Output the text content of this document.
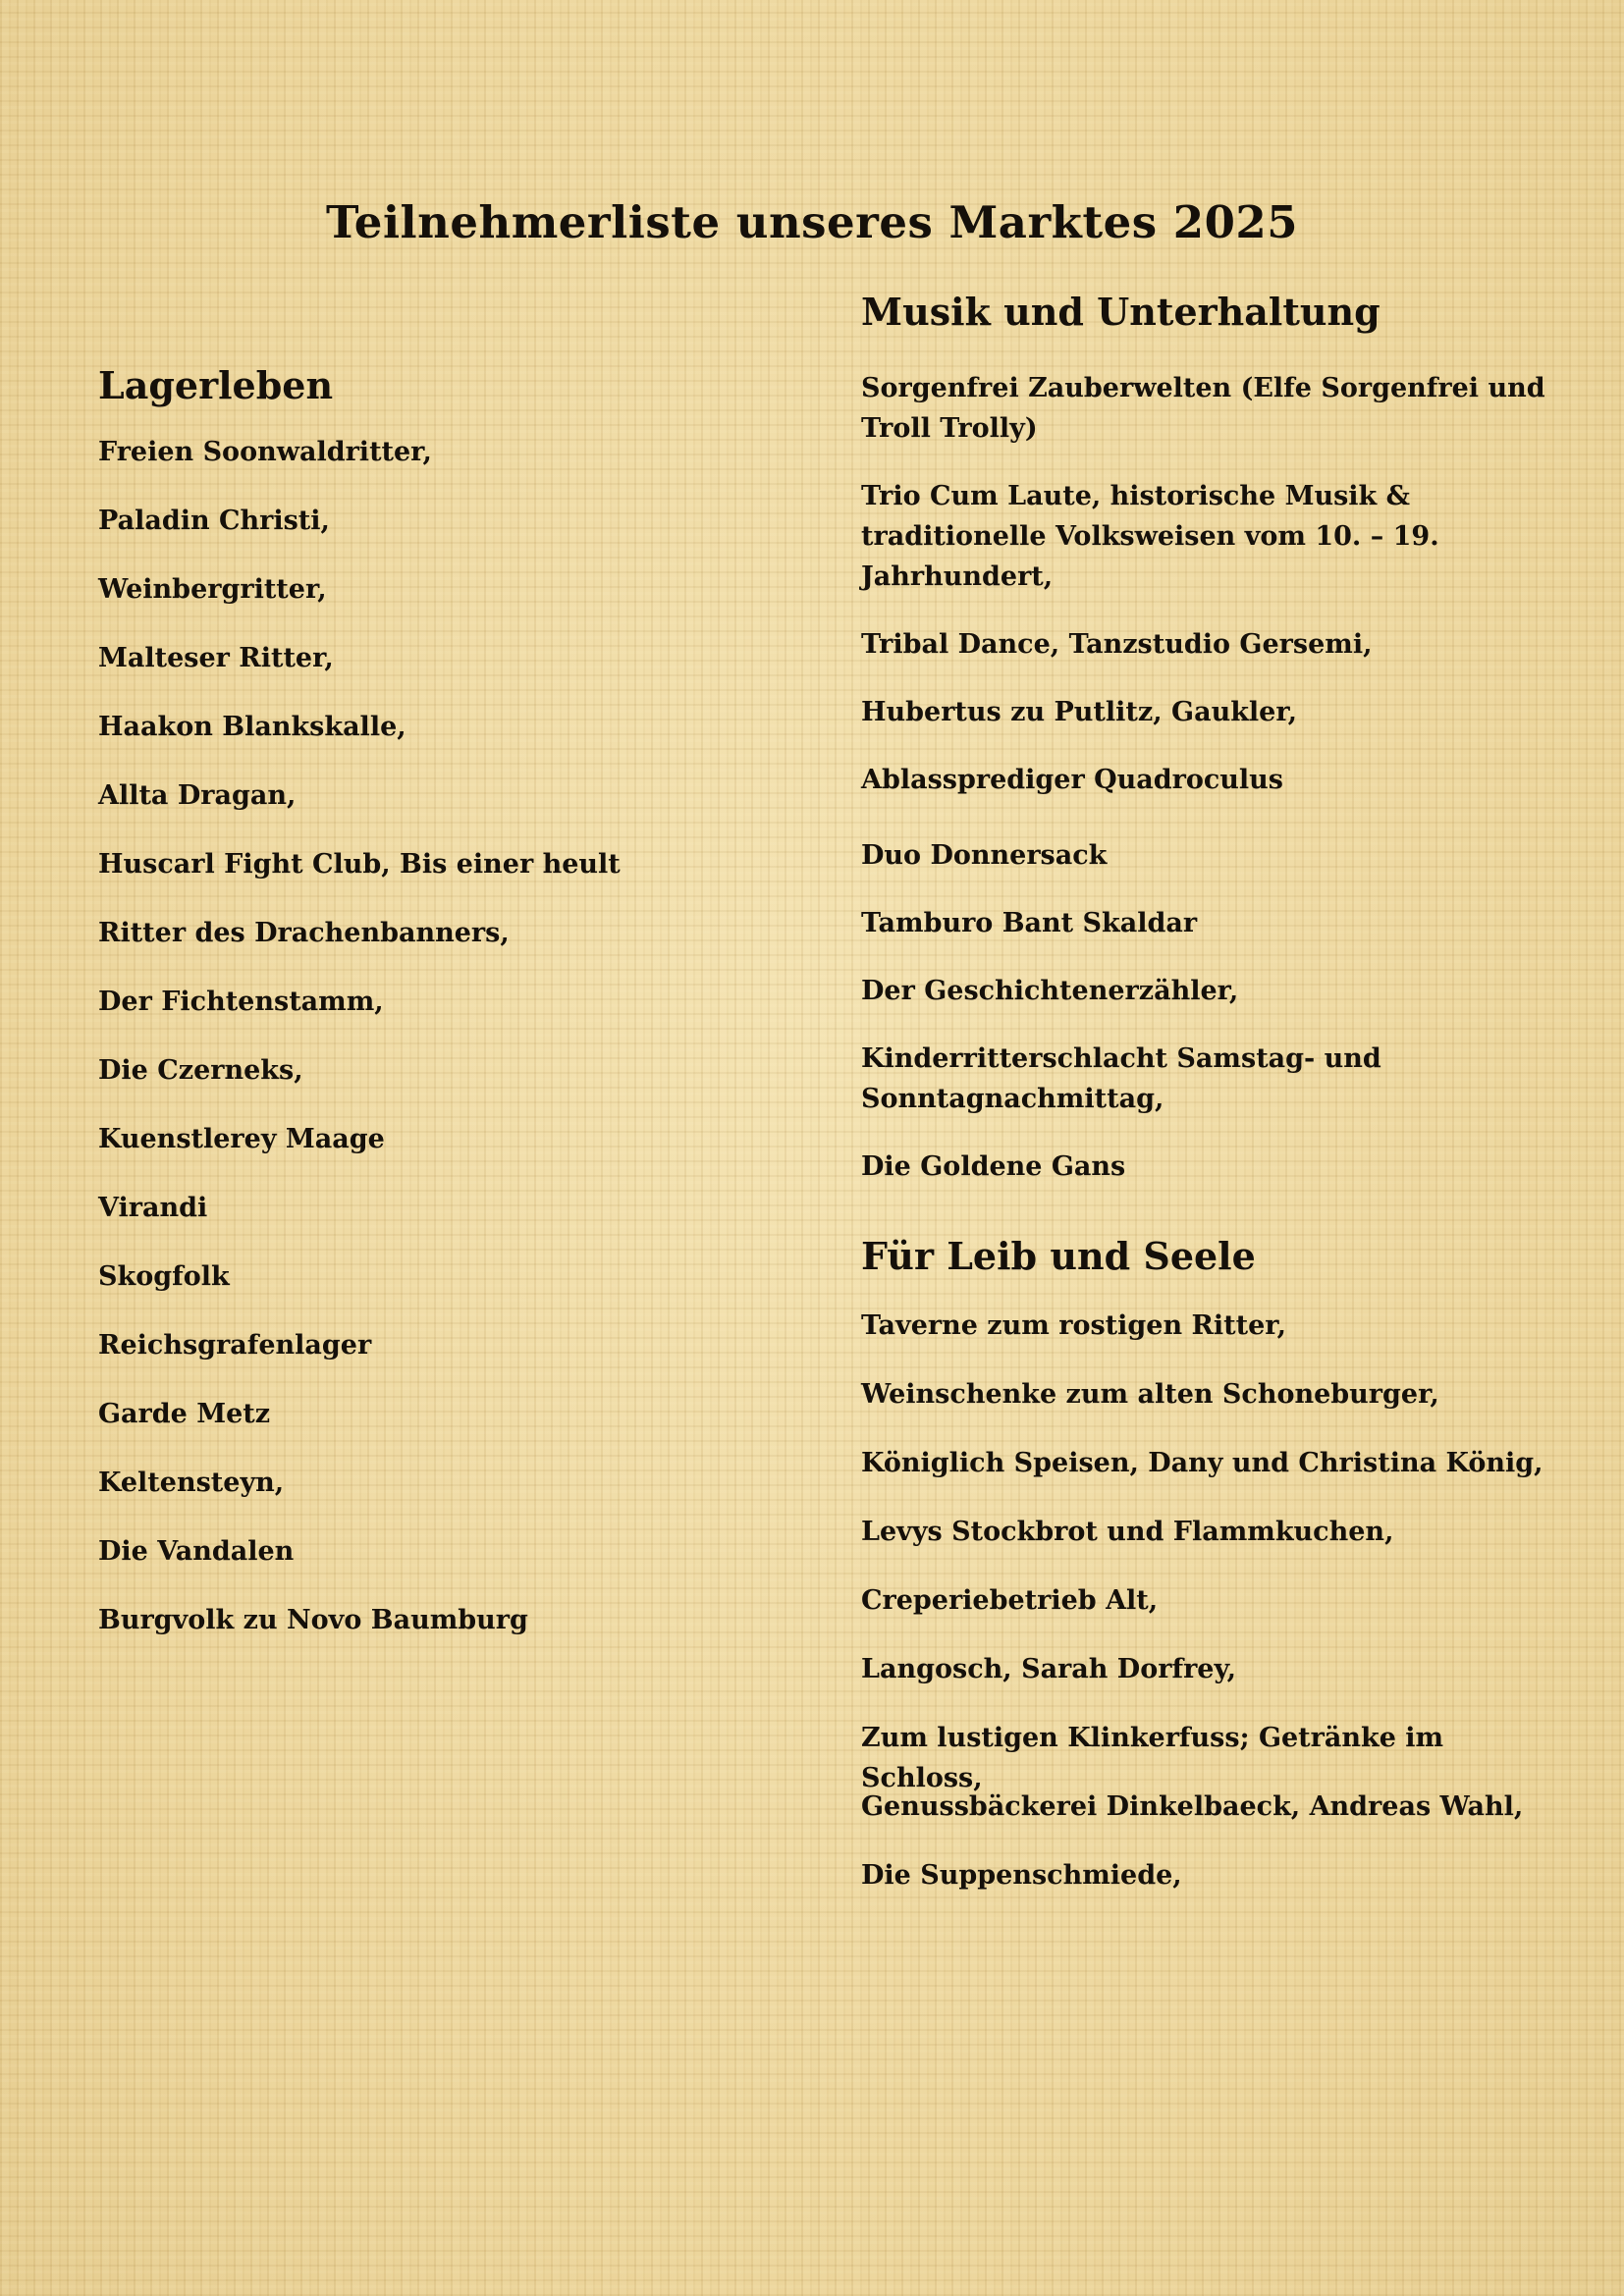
Teilnehmerliste unseres Marktes 2025
Lagerleben

Freien Soonwaldritter,

Paladin Christi,

Weinbergritter,

Malteser Ritter,

Haakon Blankskalle,

Allta Dragan,

Huscarl Fight Club, Bis einer heult

Ritter des Drachenbanners,

Der Fichtenstamm,

Die Czerneks,

Kuenstlerey Maage

Virandi

Skogfolk

Reichsgrafenlager

Garde Metz

Keltensteyn,

Die Vandalen

Burgvolk zu Novo Baumburg

Musik und Unterhaltung

Sorgenfrei Zauberwelten (Elfe Sorgenfrei und Troll Trolly)

Trio Cum Laute, historische Musik & traditionelle Volksweisen vom 10. – 19. Jahrhundert,

Tribal Dance, Tanzstudio Gersemi,

Hubertus zu Putlitz, Gaukler,

Ablassprediger Quadroculus

Duo Donnersack

Tamburo Bant Skaldar

Der Geschichtenerzähler,

Kinderritterschlacht Samstag- und Sonntagnachmittag,

Die Goldene Gans

Für Leib und Seele

Taverne zum rostigen Ritter,

Weinschenke zum alten Schoneburger,

Königlich Speisen, Dany und Christina König,

Levys Stockbrot und Flammkuchen,

Creperiebetrieb Alt,

Langosch, Sarah Dorfrey,

Zum lustigen Klinkerfuss; Getränke im Schloss,

Genussbäckerei Dinkelbaeck, Andreas Wahl,

Die Suppenschmiede,
